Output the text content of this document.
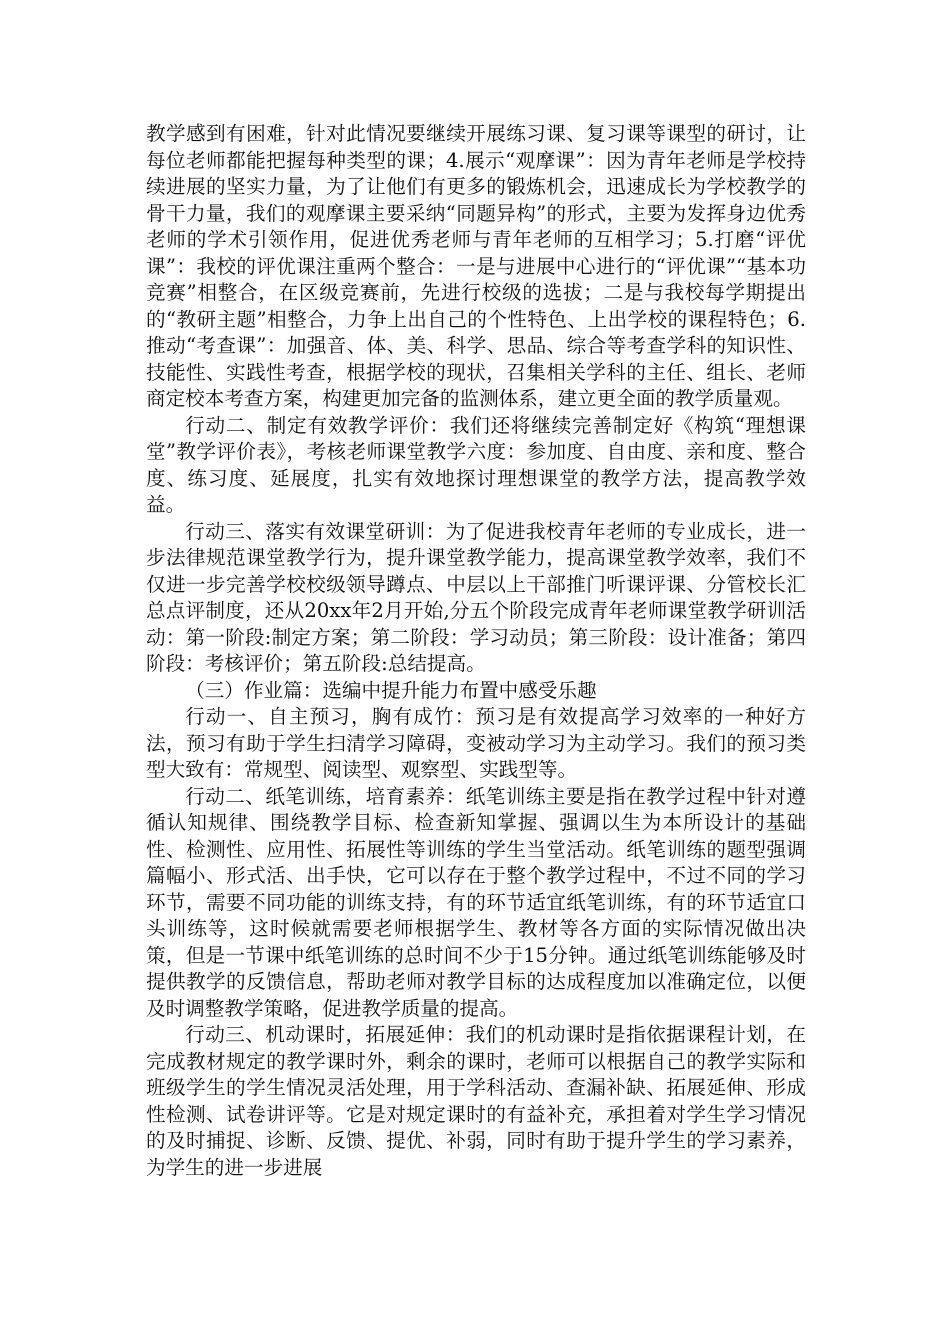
教学感到有困难，针对此情况要继续开展练习课、复习课等课型的研讨，让每位老师都能把握每种类型的课；4.展示“观摩课”：因为青年老师是学校持续进展的坚实力量，为了让他们有更多的锻炼机会，迅速成长为学校教学的骨干力量，我们的观摩课主要采纳“同题异构”的形式，主要为发挥身边优秀老师的学术引领作用，促进优秀老师与青年老师的互相学习；5.打磨“评优课”：我校的评优课注重两个整合：一是与进展中心进行的“评优课”“基本功竞赛”相整合，在区级竞赛前，先进行校级的选拔；二是与我校每学期提出的“教研主题”相整合，力争上出自己的个性特色、上出学校的课程特色；6.推动“考查课”：加强音、体、美、科学、思品、综合等考查学科的知识性、技能性、实践性考查，根据学校的现状，召集相关学科的主任、组长、老师商定校本考查方案，构建更加完备的监测体系，建立更全面的教学质量观。

行动二、制定有效教学评价：我们还将继续完善制定好《构筑“理想课堂”教学评价表》，考核老师课堂教学六度：参加度、自由度、亲和度、整合度、练习度、延展度，扎实有效地探讨理想课堂的教学方法，提高教学效益。

行动三、落实有效课堂研训：为了促进我校青年老师的专业成长，进一步法律规范课堂教学行为，提升课堂教学能力，提高课堂教学效率，我们不仅进一步完善学校校级领导蹲点、中层以上干部推门听课评课、分管校长汇总点评制度，还从20xx年2月开始,分五个阶段完成青年老师课堂教学研训活动：第一阶段:制定方案；第二阶段：学习动员；第三阶段：设计准备；第四阶段：考核评价；第五阶段:总结提高。

（三）作业篇：选编中提升能力布置中感受乐趣

行动一、自主预习，胸有成竹：预习是有效提高学习效率的一种好方法，预习有助于学生扫清学习障碍，变被动学习为主动学习。我们的预习类型大致有：常规型、阅读型、观察型、实践型等。

行动二、纸笔训练，培育素养：纸笔训练主要是指在教学过程中针对遵循认知规律、围绕教学目标、检查新知掌握、强调以生为本所设计的基础性、检测性、应用性、拓展性等训练的学生当堂活动。纸笔训练的题型强调篇幅小、形式活、出手快，它可以存在于整个教学过程中，不过不同的学习环节，需要不同功能的训练支持，有的环节适宜纸笔训练，有的环节适宜口头训练等，这时候就需要老师根据学生、教材等各方面的实际情况做出决策，但是一节课中纸笔训练的总时间不少于15分钟。通过纸笔训练能够及时提供教学的反馈信息，帮助老师对教学目标的达成程度加以准确定位，以便及时调整教学策略，促进教学质量的提高。

行动三、机动课时，拓展延伸：我们的机动课时是指依据课程计划，在完成教材规定的教学课时外，剩余的课时，老师可以根据自己的教学实际和班级学生的学生情况灵活处理，用于学科活动、查漏补缺、拓展延伸、形成性检测、试卷讲评等。它是对规定课时的有益补充，承担着对学生学习情况的及时捕捉、诊断、反馈、提优、补弱，同时有助于提升学生的学习素养，为学生的进一步进展
